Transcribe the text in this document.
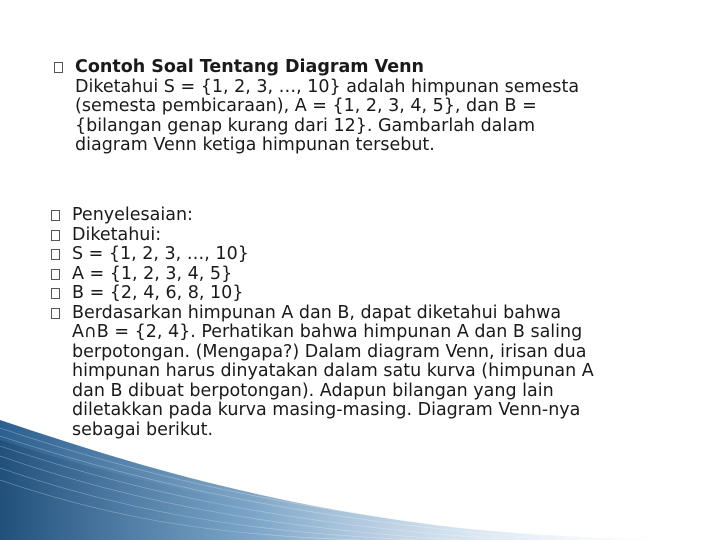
Contoh Soal Tentang Diagram Venn
Diketahui S = {1, 2, 3, …, 10} adalah himpunan semesta
(semesta pembicaraan), A = {1, 2, 3, 4, 5}, dan B =
{bilangan genap kurang dari 12}. Gambarlah dalam
diagram Venn ketiga himpunan tersebut.
Penyelesaian:
Diketahui:
S = {1, 2, 3, …, 10}
A = {1, 2, 3, 4, 5}
B = {2, 4, 6, 8, 10}
Berdasarkan himpunan A dan B, dapat diketahui bahwa
A∩B = {2, 4}. Perhatikan bahwa himpunan A dan B saling
berpotongan. (Mengapa?) Dalam diagram Venn, irisan dua
himpunan harus dinyatakan dalam satu kurva (himpunan A
dan B dibuat berpotongan). Adapun bilangan yang lain
diletakkan pada kurva masing-masing. Diagram Venn-nya
sebagai berikut.
